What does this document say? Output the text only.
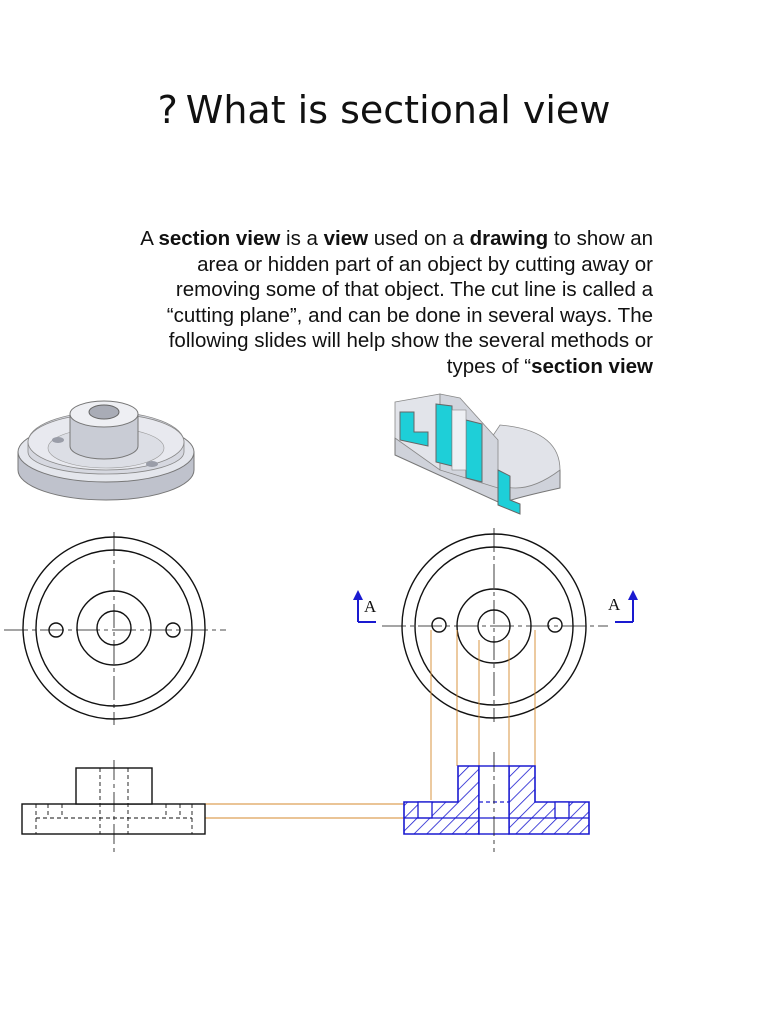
? What is sectional view

A section view is a view used on a drawing to show an area or hidden part of an object by cutting away or removing some of that object. The cut line is called a “cutting plane”, and can be done in several ways. The following slides will help show the several methods or types of “section view

A	A
